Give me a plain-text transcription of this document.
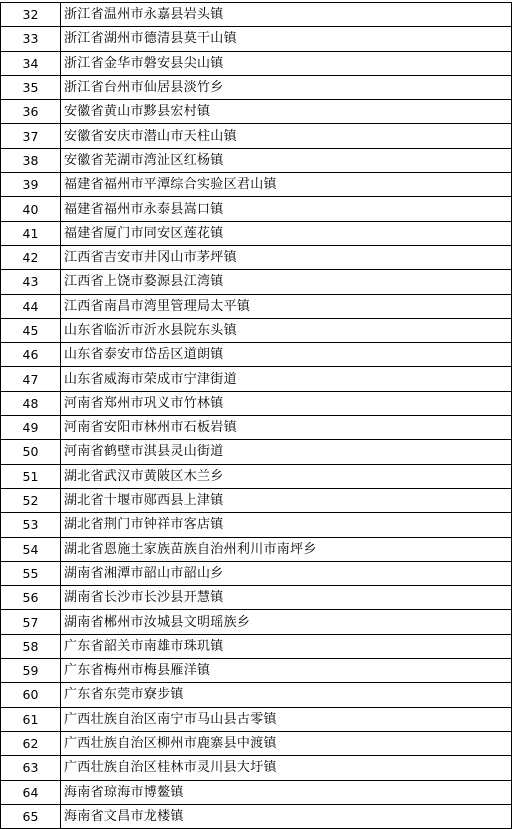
32	浙江省温州市永嘉县岩头镇
33	浙江省湖州市德清县莫干山镇
34	浙江省金华市磐安县尖山镇
35	浙江省台州市仙居县淡竹乡
36	安徽省黄山市黟县宏村镇
37	安徽省安庆市潜山市天柱山镇
38	安徽省芜湖市湾沚区红杨镇
39	福建省福州市平潭综合实验区君山镇
40	福建省福州市永泰县嵩口镇
41	福建省厦门市同安区莲花镇
42	江西省吉安市井冈山市茅坪镇
43	江西省上饶市婺源县江湾镇
44	江西省南昌市湾里管理局太平镇
45	山东省临沂市沂水县院东头镇
46	山东省泰安市岱岳区道朗镇
47	山东省威海市荣成市宁津街道
48	河南省郑州市巩义市竹林镇
49	河南省安阳市林州市石板岩镇
50	河南省鹤壁市淇县灵山街道
51	湖北省武汉市黄陂区木兰乡
52	湖北省十堰市郧西县上津镇
53	湖北省荆门市钟祥市客店镇
54	湖北省恩施土家族苗族自治州利川市南坪乡
55	湖南省湘潭市韶山市韶山乡
56	湖南省长沙市长沙县开慧镇
57	湖南省郴州市汝城县文明瑶族乡
58	广东省韶关市南雄市珠玑镇
59	广东省梅州市梅县雁洋镇
60	广东省东莞市寮步镇
61	广西壮族自治区南宁市马山县古零镇
62	广西壮族自治区柳州市鹿寨县中渡镇
63	广西壮族自治区桂林市灵川县大圩镇
64	海南省琼海市博鳌镇
65	海南省文昌市龙楼镇
